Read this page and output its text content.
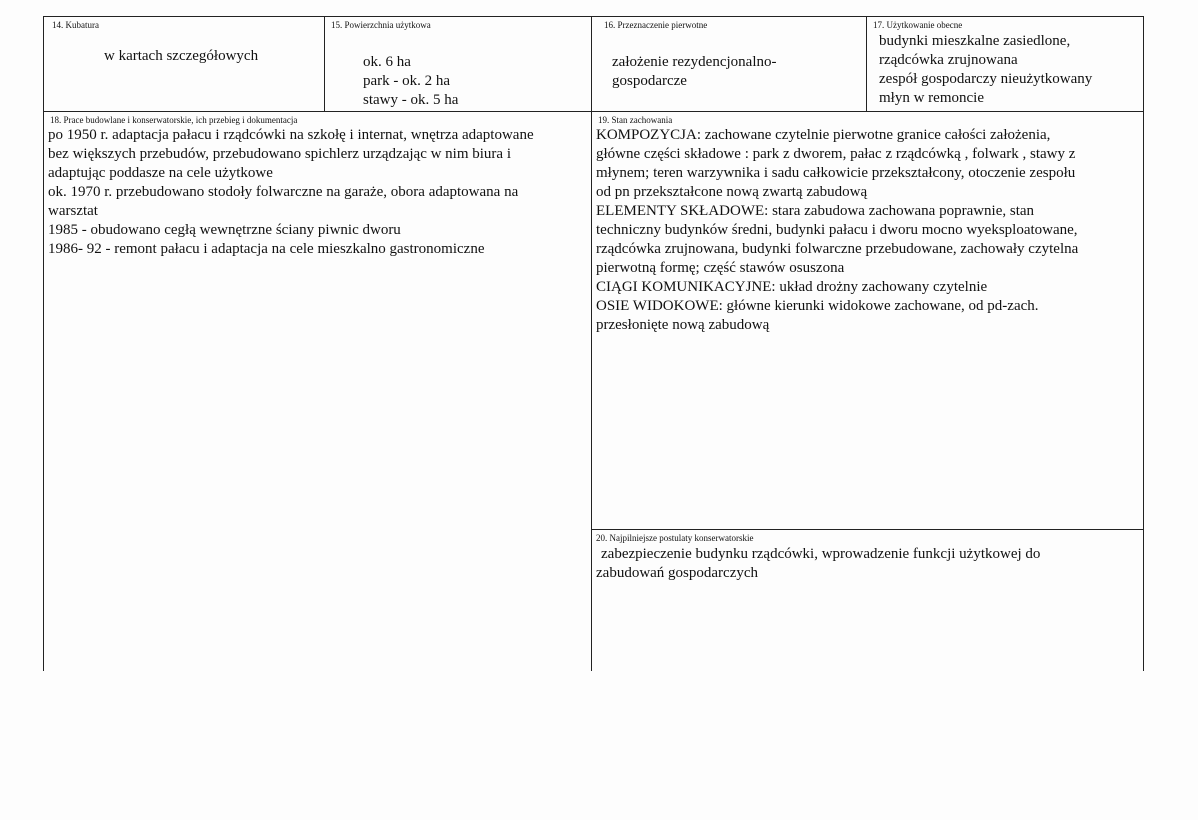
14. Kubatura
w kartach szczegółowych
15. Powierzchnia użytkowa
ok. 6 ha
park - ok. 2 ha
stawy - ok. 5 ha
16. Przeznaczenie pierwotne
założenie rezydencjonalno-
gospodarcze
17. Użytkowanie obecne
budynki mieszkalne zasiedlone,
rządcówka zrujnowana
zespół gospodarczy nieużytkowany
młyn w remoncie
18. Prace budowlane i konserwatorskie, ich przebieg i dokumentacja
po 1950 r. adaptacja pałacu i rządcówki na szkołę i internat, wnętrza adaptowane
bez większych przebudów, przebudowano spichlerz urządzając w nim biura i
adaptując poddasze na cele użytkowe
ok. 1970 r. przebudowano stodoły folwarczne na garaże, obora adaptowana na
warsztat
1985 - obudowano cegłą wewnętrzne ściany piwnic dworu
1986- 92 - remont pałacu i adaptacja na cele mieszkalno gastronomiczne
19. Stan zachowania
KOMPOZYCJA: zachowane czytelnie pierwotne granice całości założenia,
główne części składowe : park z dworem, pałac z rządcówką , folwark , stawy z
młynem; teren warzywnika i sadu całkowicie przekształcony, otoczenie zespołu
od pn przekształcone nową zwartą zabudową
ELEMENTY SKŁADOWE: stara zabudowa zachowana poprawnie, stan
techniczny budynków średni, budynki pałacu i dworu mocno wyeksploatowane,
rządcówka zrujnowana, budynki folwarczne przebudowane, zachowały czytelna
pierwotną formę; część stawów osuszona
CIĄGI KOMUNIKACYJNE: układ drożny zachowany czytelnie
OSIE WIDOKOWE: główne kierunki widokowe zachowane, od pd-zach.
przesłonięte nową zabudową
20. Najpilniejsze postulaty konserwatorskie
zabezpieczenie budynku rządcówki, wprowadzenie funkcji użytkowej do
zabudowań gospodarczych
